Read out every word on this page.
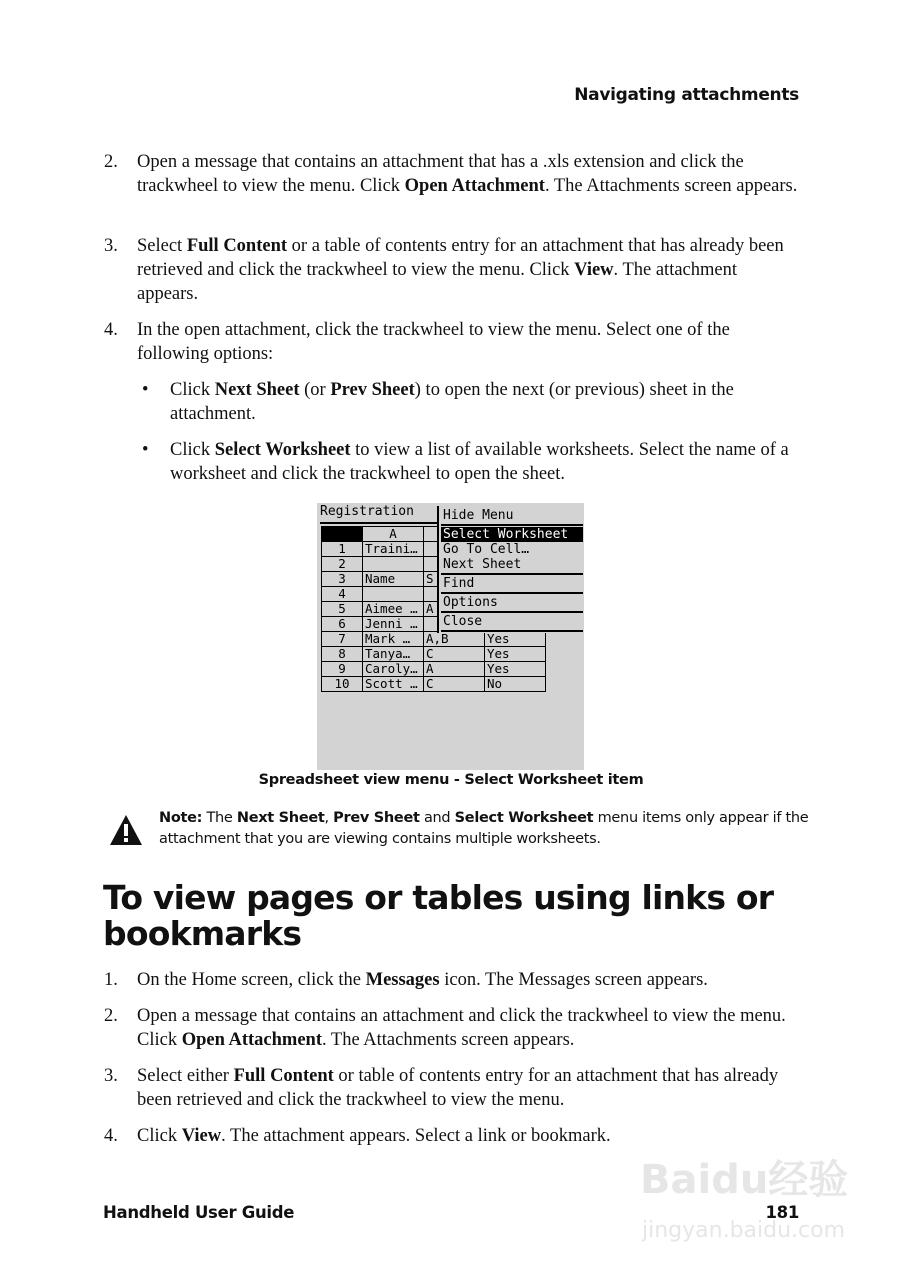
Navigating attachments
2. Open a message that contains an attachment that has a .xls extension and click the trackwheel to view the menu. Click Open Attachment. The Attachments screen appears.
3. Select Full Content or a table of contents entry for an attachment that has already been retrieved and click the trackwheel to view the menu. Click View. The attachment appears.
4. In the open attachment, click the trackwheel to view the menu. Select one of the following options:
• Click Next Sheet (or Prev Sheet) to open the next (or previous) sheet in the attachment.
• Click Select Worksheet to view a list of available worksheets. Select the name of a worksheet and click the trackwheel to open the sheet.
Registration
	A		
1	Traini…		
2			
3	Name	S	
4			
5	Aimee …	A	
6	Jenni …		
7	Mark …	A,B	Yes
8	Tanya…	C	Yes
9	Caroly…	A	Yes
10	Scott …	C	No
Hide Menu
Select Worksheet
Go To Cell…
Next Sheet
Find
Options
Close
Spreadsheet view menu - Select Worksheet item
Note: The Next Sheet, Prev Sheet and Select Worksheet menu items only appear if the attachment that you are viewing contains multiple worksheets.
To view pages or tables using links or bookmarks
1. On the Home screen, click the Messages icon. The Messages screen appears.
2. Open a message that contains an attachment and click the trackwheel to view the menu. Click Open Attachment. The Attachments screen appears.
3. Select either Full Content or table of contents entry for an attachment that has already been retrieved and click the trackwheel to view the menu.
4. Click View. The attachment appears. Select a link or bookmark.
Baidu经验
jingyan.baidu.com
Handheld User Guide	181
